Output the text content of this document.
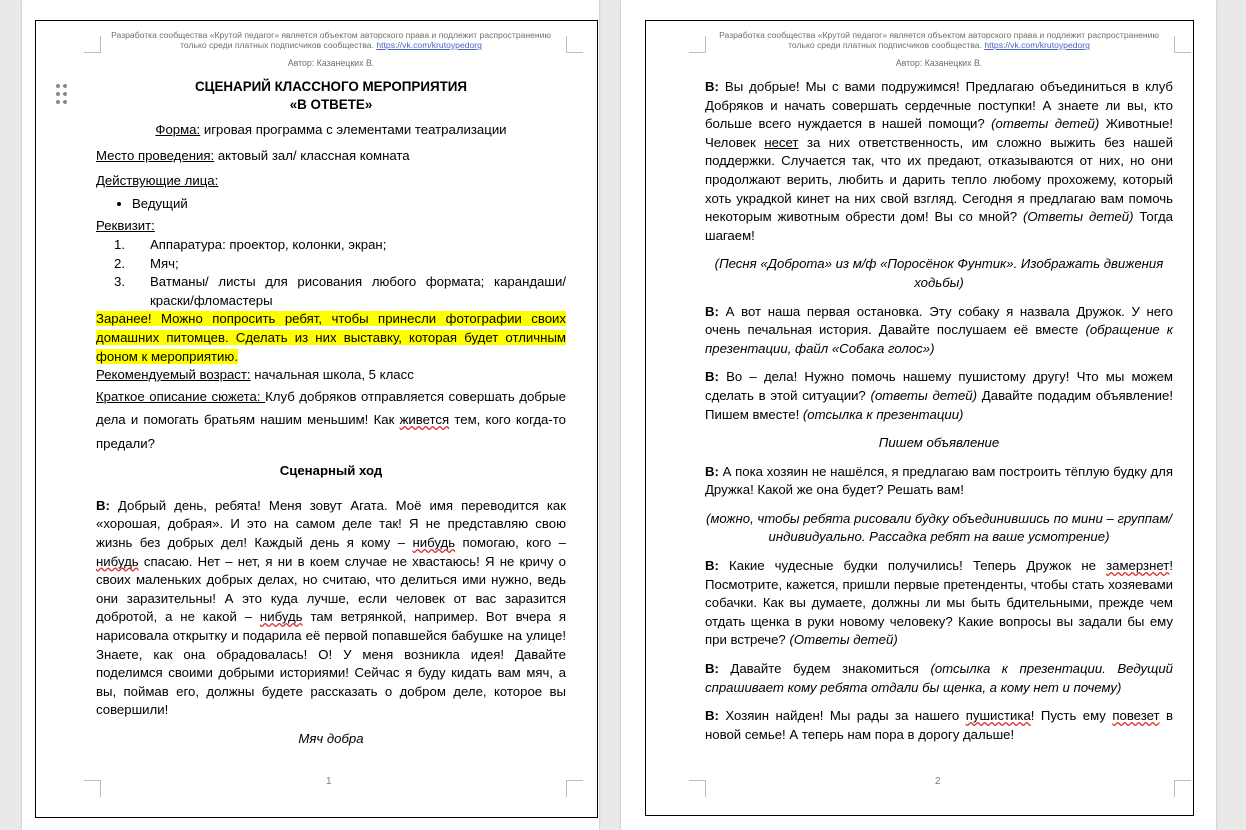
Разработка сообщества «Крутой педагог» является объектом авторского права и подлежит распространению
только среди платных подписчиков сообщества. https://vk.com/krutoypedorg
Автор: Казанецких В.

СЦЕНАРИЙ КЛАССНОГО МЕРОПРИЯТИЯ

«В ОТВЕТЕ»

Форма: игровая программа с элементами театрализации

Место проведения: актовый зал/ классная комната

Действующие лица:

• Ведущий

Реквизит:

1.	Аппаратура: проектор, колонки, экран;
2.	Мяч;
3.	Ватманы/ листы для рисования любого формата; карандаши/краски/фломастеры

Заранее! Можно попросить ребят, чтобы принесли фотографии своих домашних питомцев. Сделать из них выставку, которая будет отличным фоном к мероприятию.

Рекомендуемый возраст: начальная школа, 5 класс

Краткое описание сюжета: Клуб добряков отправляется совершать добрые дела и помогать братьям нашим меньшим! Как живется тем, кого когда-то предали?

Сценарный ход

В: Добрый день, ребята! Меня зовут Агата. Моё имя переводится как «хорошая, добрая». И это на самом деле так! Я не представляю свою жизнь без добрых дел! Каждый день я кому – нибудь помогаю, кого – нибудь спасаю. Нет – нет, я ни в коем случае не хвастаюсь! Я не кричу о своих маленьких добрых делах, но считаю, что делиться ими нужно, ведь они заразительны! А это куда лучше, если человек от вас заразится добротой, а не какой – нибудь там ветрянкой, например. Вот вчера я нарисовала открытку и подарила её первой попавшейся бабушке на улице! Знаете, как она обрадовалась! О! У меня возникла идея! Давайте поделимся своими добрыми историями! Сейчас я буду кидать вам мяч, а вы, поймав его, должны будете рассказать о добром деле, которое вы совершили!

Мяч добра

1
Разработка сообщества «Крутой педагог» является объектом авторского права и подлежит распространению
только среди платных подписчиков сообщества. https://vk.com/krutoypedorg
Автор: Казанецких В.

В: Вы добрые! Мы с вами подружимся! Предлагаю объединиться в клуб Добряков и начать совершать сердечные поступки! А знаете ли вы, кто больше всего нуждается в нашей помощи? (ответы детей) Животные! Человек несет за них ответственность, им сложно выжить без нашей поддержки. Случается так, что их предают, отказываются от них, но они продолжают верить, любить и дарить тепло любому прохожему, который хоть украдкой кинет на них свой взгляд. Сегодня я предлагаю вам помочь некоторым животным обрести дом! Вы со мной? (Ответы детей) Тогда шагаем!

(Песня «Доброта» из м/ф «Поросёнок Фунтик». Изображать движения ходьбы)

В: А вот наша первая остановка. Эту собаку я назвала Дружок. У него очень печальная история. Давайте послушаем её вместе (обращение к презентации, файл «Собака голос»)

В: Во – дела! Нужно помочь нашему пушистому другу! Что мы можем сделать в этой ситуации? (ответы детей) Давайте подадим объявление! Пишем вместе! (отсылка к презентации)

Пишем объявление

В: А пока хозяин не нашёлся, я предлагаю вам построить тёплую будку для Дружка! Какой же она будет? Решать вам!

(можно, чтобы ребята рисовали будку объединившись по мини – группам/ индивидуально. Рассадка ребят на ваше усмотрение)

В: Какие чудесные будки получились! Теперь Дружок не замерзнет! Посмотрите, кажется, пришли первые претенденты, чтобы стать хозяевами собачки. Как вы думаете, должны ли мы быть бдительными, прежде чем отдать щенка в руки новому человеку? Какие вопросы вы задали бы ему при встрече? (Ответы детей)

В: Давайте будем знакомиться (отсылка к презентации. Ведущий спрашивает кому ребята отдали бы щенка, а кому нет и почему)

В: Хозяин найден! Мы рады за нашего пушистика! Пусть ему повезет в новой семье! А теперь нам пора в дорогу дальше!

2
